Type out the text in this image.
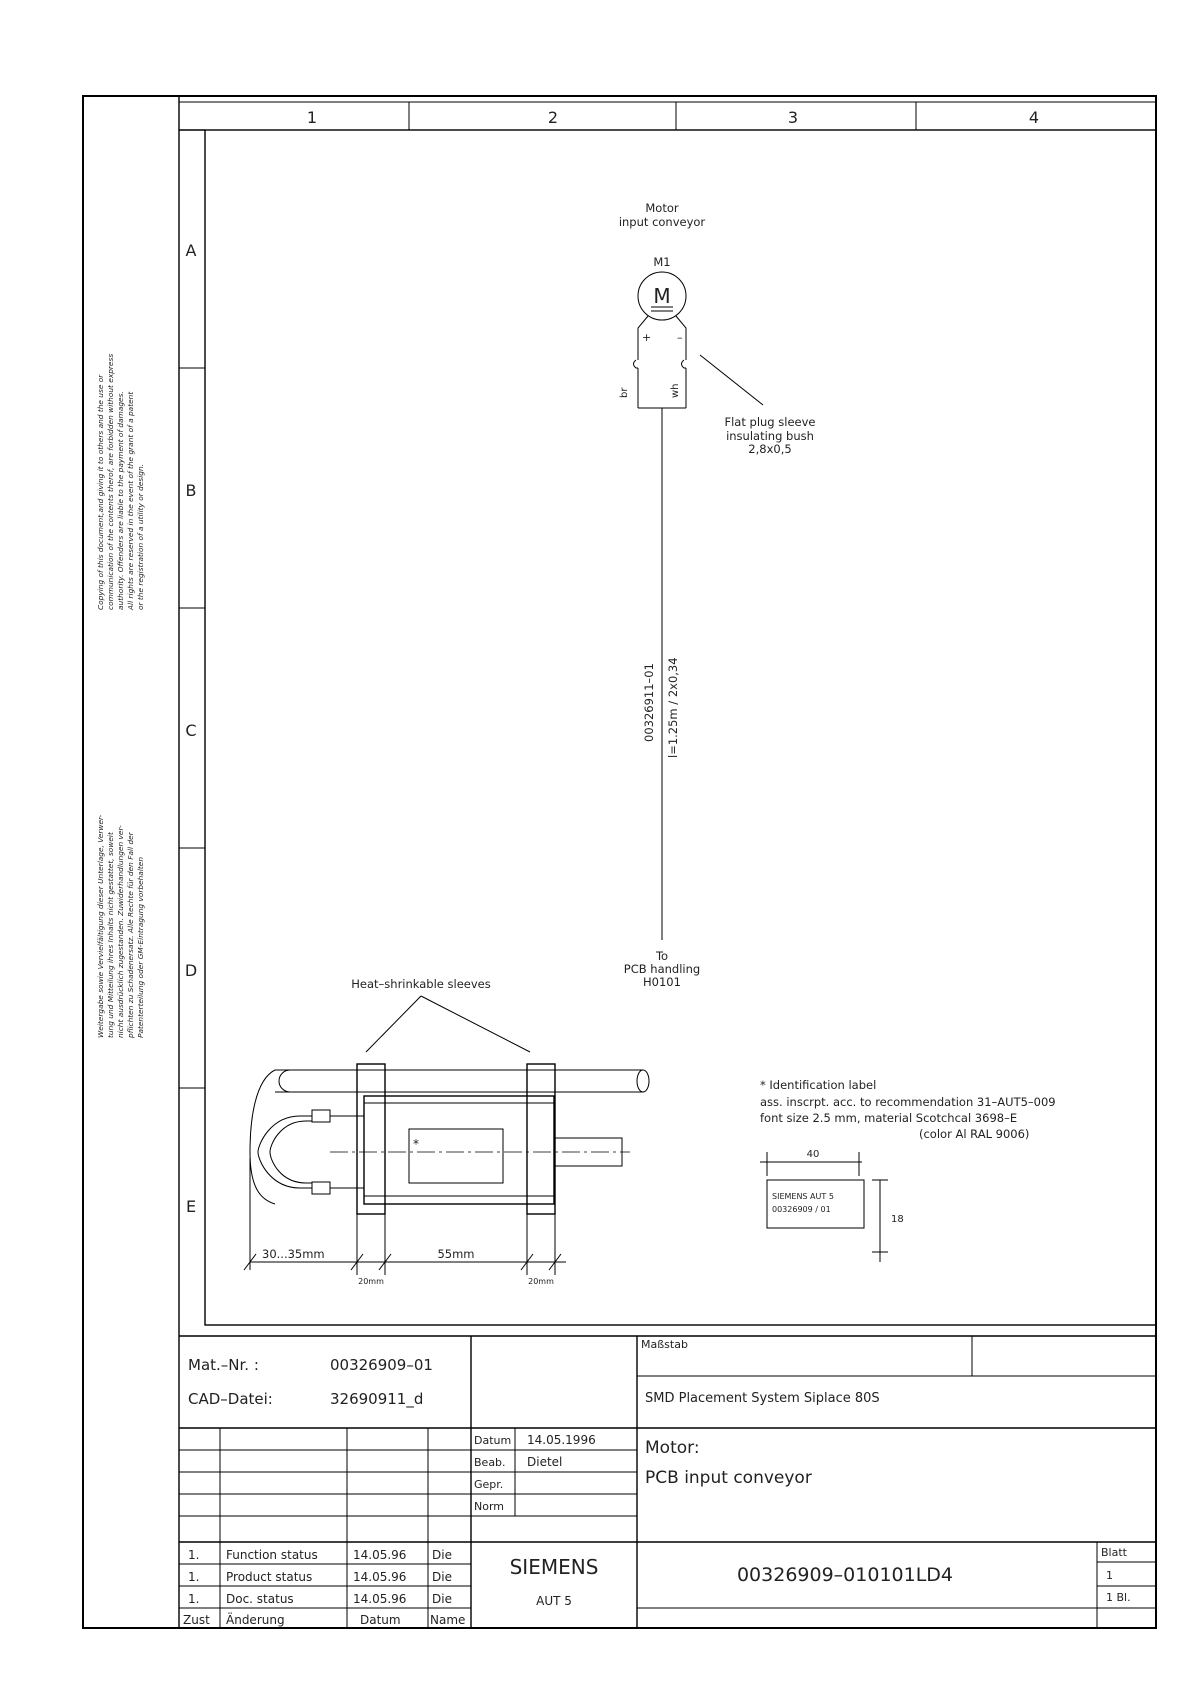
1	2	3	4
A
B
C
D
E
Copying of this document,and giving it to others and the use or communication of the contents therof, are forbidden without express authority. Offenders are liable to the payment of damages. All rights are reserved in the event of the grant of a patent or the registration of a utility or design.
Weitergabe sowie Vervielfältigung dieser Unterlage, Verwer- tung und Mitteilung ihres Inhalts nicht gestattet, soweit nicht ausdrücklich zugestanden. Zuwiderhandlungen ver- pflichten zu Schadenersatz. Alle Rechte für den Fall der Patenterteilung oder GM-Eintragung vorbehalten
Motor
input conveyor
M1
M
+ –
br	wh
Flat plug sleeve
insulating bush
2,8x0,5
00326911–01 l=1.25m / 2x0,34
To
PCB handling
H0101
Heat–shrinkable sleeves
*
30...35mm	55mm
20mm	20mm
* Identification label
ass. inscrpt. acc. to recommendation 31–AUT5–009
font size 2.5 mm, material Scotchcal 3698–E
(color Al RAL 9006)
40
SIEMENS AUT 5
00326909 / 01
18
Mat.–Nr. :	00326909–01
CAD–Datei:	32690911_d
Maßstab
SMD Placement System Siplace 80S
Datum 14.05.1996
Beab. Dietel
Gepr.
Norm
Motor:
PCB input conveyor
1. Function status	14.05.96 Die
1. Product status	14.05.96 Die
1. Doc. status	14.05.96 Die
Zust Änderung	Datum Name
SIEMENS
AUT 5
00326909–010101LD4
Blatt
1
1 Bl.
